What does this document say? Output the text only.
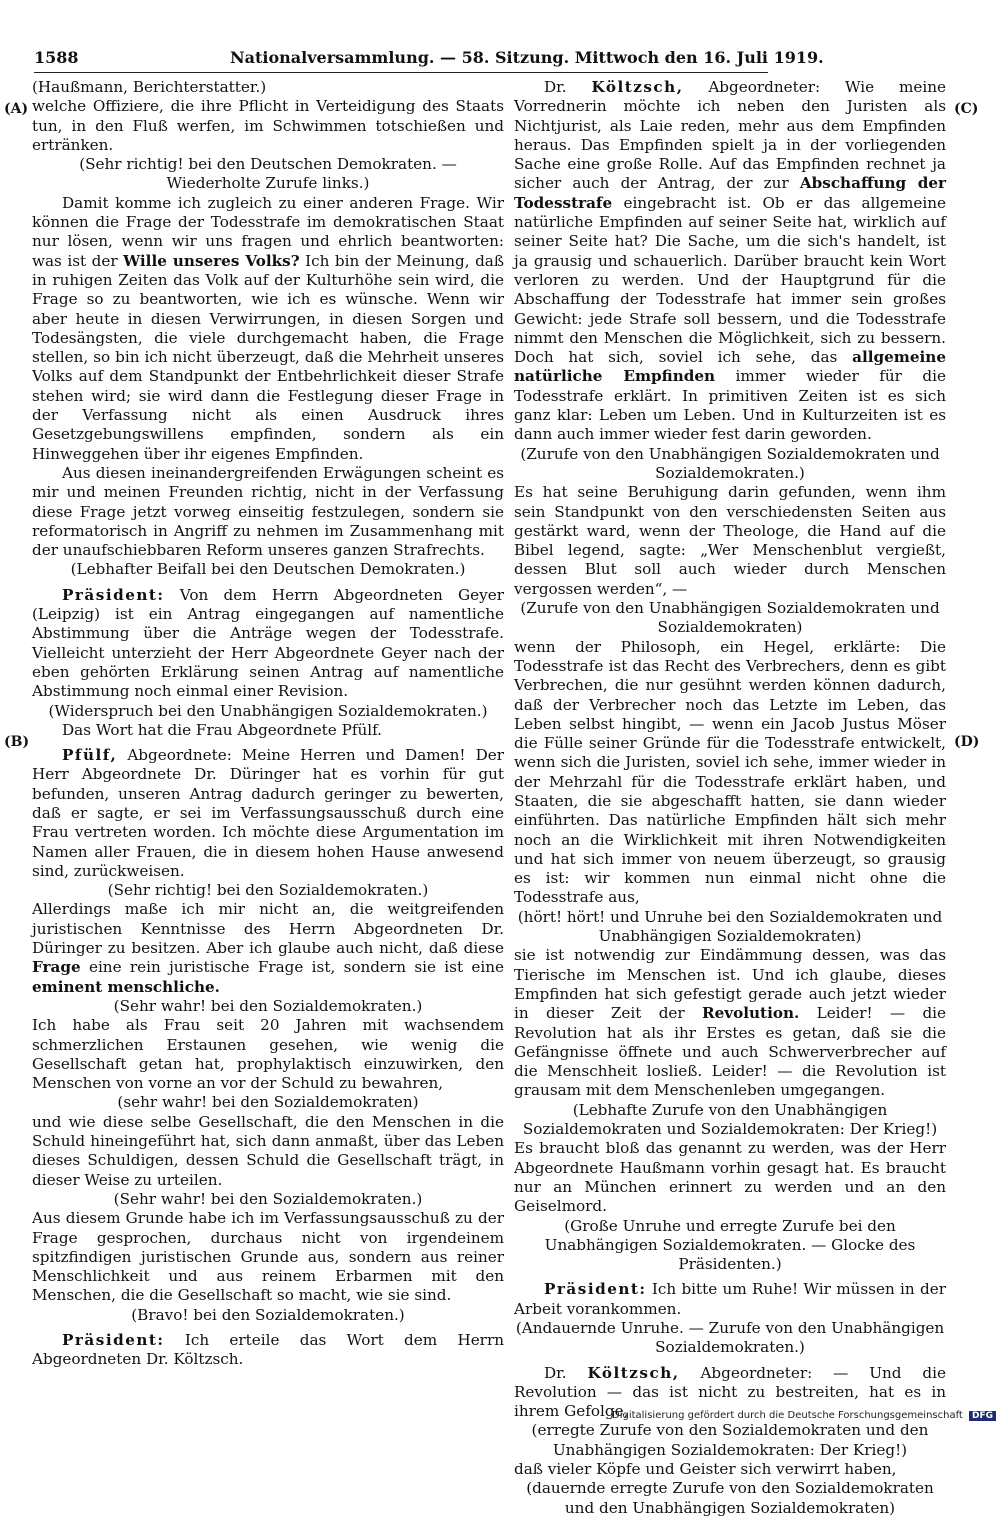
1588	Nationalversammlung. — 58. Sitzung. Mittwoch den 16. Juli 1919.
(A)
(B)
(C)
(D)

(Haußmann, Berichterstatter.)

welche Offiziere, die ihre Pflicht in Verteidigung des Staats tun, in den Fluß werfen, im Schwimmen totschießen und ertränken.

(Sehr richtig! bei den Deutschen Demokraten. — Wiederholte Zurufe links.)

Damit komme ich zugleich zu einer anderen Frage. Wir können die Frage der Todesstrafe im demokratischen Staat nur lösen, wenn wir uns fragen und ehrlich beantworten: was ist der Wille unseres Volks? Ich bin der Meinung, daß in ruhigen Zeiten das Volk auf der Kulturhöhe sein wird, die Frage so zu beantworten, wie ich es wünsche. Wenn wir aber heute in diesen Verwirrungen, in diesen Sorgen und Todesängsten, die viele durchgemacht haben, die Frage stellen, so bin ich nicht überzeugt, daß die Mehrheit unseres Volks auf dem Standpunkt der Entbehrlichkeit dieser Strafe stehen wird; sie wird dann die Festlegung dieser Frage in der Verfassung nicht als einen Ausdruck ihres Gesetzgebungswillens empfinden, sondern als ein Hinweggehen über ihr eigenes Empfinden.

Aus diesen ineinandergreifenden Erwägungen scheint es mir und meinen Freunden richtig, nicht in der Verfassung diese Frage jetzt vorweg einseitig festzulegen, sondern sie reformatorisch in Angriff zu nehmen im Zusammenhang mit der unaufschiebbaren Reform unseres ganzen Strafrechts.

(Lebhafter Beifall bei den Deutschen Demokraten.)

Präsident: Von dem Herrn Abgeordneten Geyer (Leipzig) ist ein Antrag eingegangen auf namentliche Abstimmung über die Anträge wegen der Todesstrafe. Vielleicht unterzieht der Herr Abgeordnete Geyer nach der eben gehörten Erklärung seinen Antrag auf namentliche Abstimmung noch einmal einer Revision.

(Widerspruch bei den Unabhängigen Sozialdemokraten.)

Das Wort hat die Frau Abgeordnete Pfülf.

Pfülf, Abgeordnete: Meine Herren und Damen! Der Herr Abgeordnete Dr. Düringer hat es vorhin für gut befunden, unseren Antrag dadurch geringer zu bewerten, daß er sagte, er sei im Verfassungsausschuß durch eine Frau vertreten worden. Ich möchte diese Argumentation im Namen aller Frauen, die in diesem hohen Hause anwesend sind, zurückweisen.

(Sehr richtig! bei den Sozialdemokraten.)

Allerdings maße ich mir nicht an, die weitgreifenden juristischen Kenntnisse des Herrn Abgeordneten Dr. Düringer zu besitzen. Aber ich glaube auch nicht, daß diese Frage eine rein juristische Frage ist, sondern sie ist eine eminent menschliche.

(Sehr wahr! bei den Sozialdemokraten.)

Ich habe als Frau seit 20 Jahren mit wachsendem schmerzlichen Erstaunen gesehen, wie wenig die Gesellschaft getan hat, prophylaktisch einzuwirken, den Menschen von vorne an vor der Schuld zu bewahren,

(sehr wahr! bei den Sozialdemokraten)

und wie diese selbe Gesellschaft, die den Menschen in die Schuld hineingeführt hat, sich dann anmaßt, über das Leben dieses Schuldigen, dessen Schuld die Gesellschaft trägt, in dieser Weise zu urteilen.

(Sehr wahr! bei den Sozialdemokraten.)

Aus diesem Grunde habe ich im Verfassungsausschuß zu der Frage gesprochen, durchaus nicht von irgendeinem spitzfindigen juristischen Grunde aus, sondern aus reiner Menschlichkeit und aus reinem Erbarmen mit den Menschen, die die Gesellschaft so macht, wie sie sind.

(Bravo! bei den Sozialdemokraten.)

Präsident: Ich erteile das Wort dem Herrn Abgeordneten Dr. Költzsch.

Dr. Költzsch, Abgeordneter: Wie meine Vorrednerin möchte ich neben den Juristen als Nichtjurist, als Laie reden, mehr aus dem Empfinden heraus. Das Empfinden spielt ja in der vorliegenden Sache eine große Rolle. Auf das Empfinden rechnet ja sicher auch der Antrag, der zur Abschaffung der Todesstrafe eingebracht ist. Ob er das allgemeine natürliche Empfinden auf seiner Seite hat, wirklich auf seiner Seite hat? Die Sache, um die sich's handelt, ist ja grausig und schauerlich. Darüber braucht kein Wort verloren zu werden. Und der Hauptgrund für die Abschaffung der Todesstrafe hat immer sein großes Gewicht: jede Strafe soll bessern, und die Todesstrafe nimmt den Menschen die Möglichkeit, sich zu bessern. Doch hat sich, soviel ich sehe, das allgemeine natürliche Empfinden immer wieder für die Todesstrafe erklärt. In primitiven Zeiten ist es sich ganz klar: Leben um Leben. Und in Kulturzeiten ist es dann auch immer wieder fest darin geworden.

(Zurufe von den Unabhängigen Sozialdemokraten und Sozialdemokraten.)

Es hat seine Beruhigung darin gefunden, wenn ihm sein Standpunkt von den verschiedensten Seiten aus gestärkt ward, wenn der Theologe, die Hand auf die Bibel legend, sagte: „Wer Menschenblut vergießt, dessen Blut soll auch wieder durch Menschen vergossen werden“, —

(Zurufe von den Unabhängigen Sozialdemokraten und Sozialdemokraten)

wenn der Philosoph, ein Hegel, erklärte: Die Todesstrafe ist das Recht des Verbrechers, denn es gibt Verbrechen, die nur gesühnt werden können dadurch, daß der Verbrecher noch das Letzte im Leben, das Leben selbst hingibt, — wenn ein Jacob Justus Möser die Fülle seiner Gründe für die Todesstrafe entwickelt, wenn sich die Juristen, soviel ich sehe, immer wieder in der Mehrzahl für die Todesstrafe erklärt haben, und Staaten, die sie abgeschafft hatten, sie dann wieder einführten. Das natürliche Empfinden hält sich mehr noch an die Wirklichkeit mit ihren Notwendigkeiten und hat sich immer von neuem überzeugt, so grausig es ist: wir kommen nun einmal nicht ohne die Todesstrafe aus,

(hört! hört! und Unruhe bei den Sozialdemokraten und Unabhängigen Sozialdemokraten)

sie ist notwendig zur Eindämmung dessen, was das Tierische im Menschen ist. Und ich glaube, dieses Empfinden hat sich gefestigt gerade auch jetzt wieder in dieser Zeit der Revolution. Leider! — die Revolution hat als ihr Erstes es getan, daß sie die Gefängnisse öffnete und auch Schwerverbrecher auf die Menschheit losließ. Leider! — die Revolution ist grausam mit dem Menschenleben umgegangen.

(Lebhafte Zurufe von den Unabhängigen Sozialdemokraten und Sozialdemokraten: Der Krieg!)

Es braucht bloß das genannt zu werden, was der Herr Abgeordnete Haußmann vorhin gesagt hat. Es braucht nur an München erinnert zu werden und an den Geiselmord.

(Große Unruhe und erregte Zurufe bei den Unabhängigen Sozialdemokraten. — Glocke des Präsidenten.)

Präsident: Ich bitte um Ruhe! Wir müssen in der Arbeit vorankommen.

(Andauernde Unruhe. — Zurufe von den Unabhängigen Sozialdemokraten.)

Dr. Költzsch, Abgeordneter: — Und die Revolution — das ist nicht zu bestreiten, hat es in ihrem Gefolge,

(erregte Zurufe von den Sozialdemokraten und den Unabhängigen Sozialdemokraten: Der Krieg!)

daß vieler Köpfe und Geister sich verwirrt haben,

(dauernde erregte Zurufe von den Sozialdemokraten und den Unabhängigen Sozialdemokraten)

Digitalisierung gefördert durch die Deutsche Forschungsgemeinschaft DFG
